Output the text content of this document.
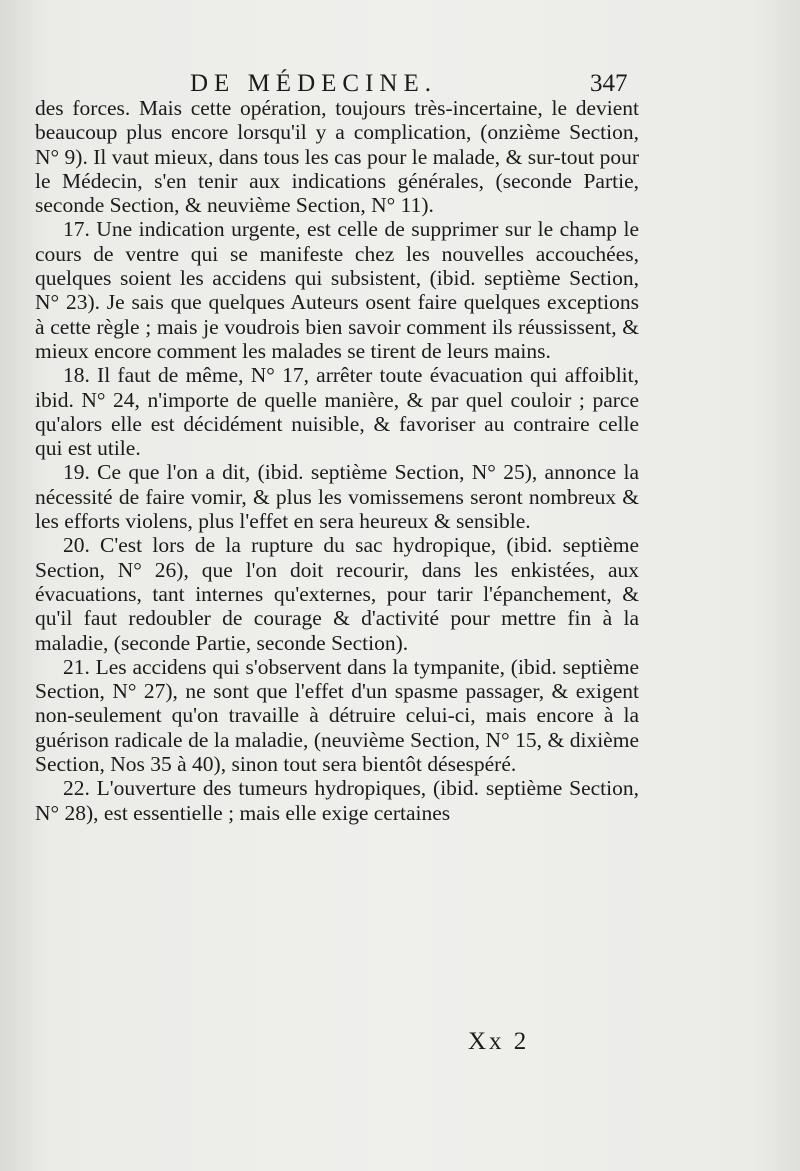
DE MÉDECINE.	347

des forces. Mais cette opération, toujours très-incertaine, le devient beaucoup plus encore lorsqu'il y a complication, (onzième Section, N° 9). Il vaut mieux, dans tous les cas pour le malade, & sur-tout pour le Médecin, s'en tenir aux indications générales, (seconde Partie, seconde Section, & neuvième Section, N° 11).

17. Une indication urgente, est celle de supprimer sur le champ le cours de ventre qui se manifeste chez les nouvelles accouchées, quelques soient les accidens qui subsistent, (ibid. septième Section, N° 23). Je sais que quelques Auteurs osent faire quelques exceptions à cette règle ; mais je voudrois bien savoir comment ils réussissent, & mieux encore comment les malades se tirent de leurs mains.

18. Il faut de même, N° 17, arrêter toute évacuation qui affoiblit, ibid. N° 24, n'importe de quelle manière, & par quel couloir ; parce qu'alors elle est décidément nuisible, & favoriser au contraire celle qui est utile.

19. Ce que l'on a dit, (ibid. septième Section, N° 25), annonce la nécessité de faire vomir, & plus les vomissemens seront nombreux & les efforts violens, plus l'effet en sera heureux & sensible.

20. C'est lors de la rupture du sac hydropique, (ibid. septième Section, N° 26), que l'on doit recourir, dans les enkistées, aux évacuations, tant internes qu'externes, pour tarir l'épanchement, & qu'il faut redoubler de courage & d'activité pour mettre fin à la maladie, (seconde Partie, seconde Section).

21. Les accidens qui s'observent dans la tympanite, (ibid. septième Section, N° 27), ne sont que l'effet d'un spasme passager, & exigent non-seulement qu'on travaille à détruire celui-ci, mais encore à la guérison radicale de la maladie, (neuvième Section, N° 15, & dixième Section, Nos 35 à 40), sinon tout sera bientôt désespéré.

22. L'ouverture des tumeurs hydropiques, (ibid. septième Section, N° 28), est essentielle ; mais elle exige certaines

Xx 2
